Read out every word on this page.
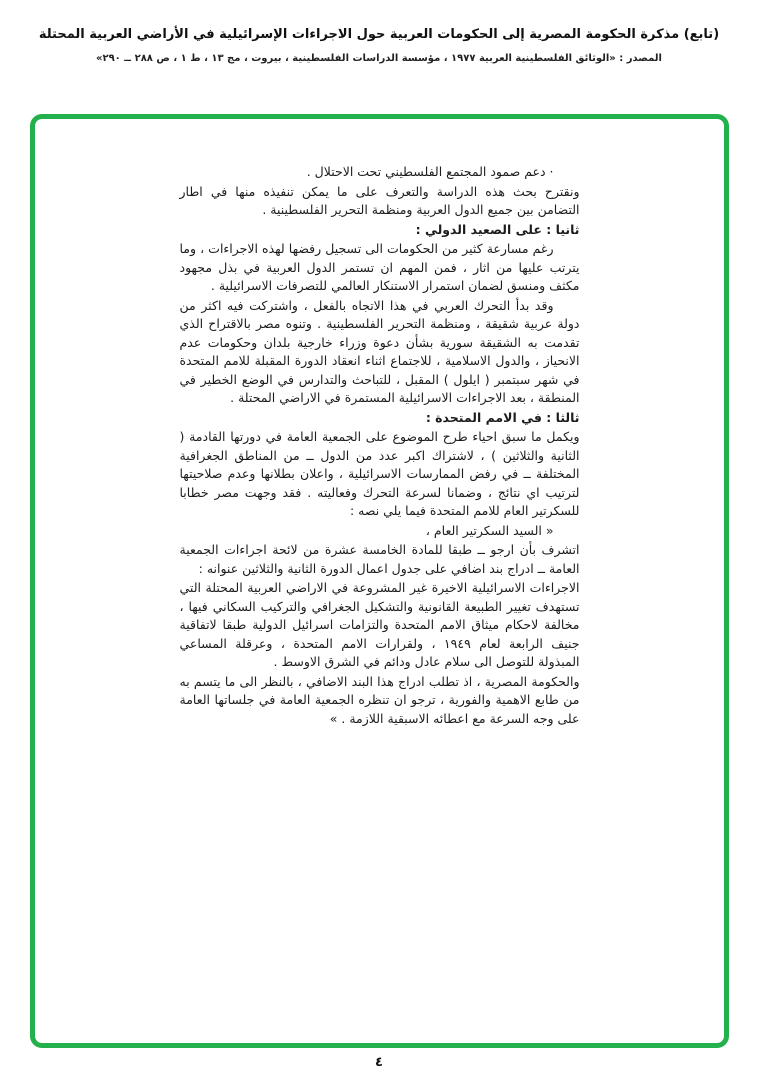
(تابع) مذكرة الحكومة المصرية إلى الحكومات العربية حول الاجراءات الإسرائيلية في الأراضي العربية المحتلة
المصدر : «الوثائق الفلسطينية العربية ١٩٧٧ ، مؤسسة الدراسات الفلسطينية ، بيروت ، مج ١٣ ، ط ١ ، ص ٢٨٨ ــ ٢٩٠»

· دعم صمود المجتمع الفلسطيني تحت الاحتلال .

ونقترح بحث هذه الدراسة والتعرف على ما يمكن تنفيذه منها في اطار التضامن بين جميع الدول العربية ومنظمة التحرير الفلسطينية .

ثانيا : على الصعيد الدولي :

رغم مسارعة كثير من الحكومات الى تسجيل رفضها لهذه الاجراءات ، وما يترتب عليها من اثار ، فمن المهم ان تستمر الدول العربية في بذل مجهود مكثف ومنسق لضمان استمرار الاستنكار العالمي للتصرفات الاسرائيلية .

وقد بدأ التحرك العربي في هذا الاتجاه بالفعل ، واشتركت فيه اكثر من دولة عربية شقيقة ، ومنظمة التحرير الفلسطينية . وتنوه مصر بالاقتراح الذي تقدمت به الشقيقة سورية بشأن دعوة وزراء خارجية بلدان وحكومات عدم الانحياز ، والدول الاسلامية ، للاجتماع اثناء انعقاد الدورة المقبلة للامم المتحدة في شهر سبتمبر ( ايلول ) المقبل ، للتباحث والتدارس في الوضع الخطير في المنطقة ، بعد الاجراءات الاسرائيلية المستمرة في الاراضي المحتلة .

ثالثا : في الامم المتحدة :

ويكمل ما سبق احياء طرح الموضوع على الجمعية العامة في دورتها القادمة ( الثانية والثلاثين ) ، لاشتراك اكبر عدد من الدول ــ من المناطق الجغرافية المختلفة ــ في رفض الممارسات الاسرائيلية ، واعلان بطلانها وعدم صلاحيتها لترتيب اي نتائج ، وضمانا لسرعة التحرك وفعاليته . فقد وجهت مصر خطابا للسكرتير العام للامم المتحدة فيما يلي نصه :

« السيد السكرتير العام ،

اتشرف بأن ارجو ــ طبقا للمادة الخامسة عشرة من لائحة اجراءات الجمعية العامة ــ ادراج بند اضافي على جدول اعمال الدورة الثانية والثلاثين عنوانه :

الاجراءات الاسرائيلية الاخيرة غير المشروعة في الاراضي العربية المحتلة التي تستهدف تغيير الطبيعة القانونية والتشكيل الجغرافي والتركيب السكاني فيها ، مخالفة لاحكام ميثاق الامم المتحدة والتزامات اسرائيل الدولية طبقا لاتفاقية جنيف الرابعة لعام ١٩٤٩ ، ولقرارات الامم المتحدة ، وعرقلة المساعي المبذولة للتوصل الى سلام عادل ودائم في الشرق الاوسط .

والحكومة المصرية ، اذ تطلب ادراج هذا البند الاضافي ، بالنظر الى ما يتسم به من طابع الاهمية والفورية ، ترجو ان تنظره الجمعية العامة في جلساتها العامة على وجه السرعة مع اعطائه الاسبقية اللازمة . »

٤
